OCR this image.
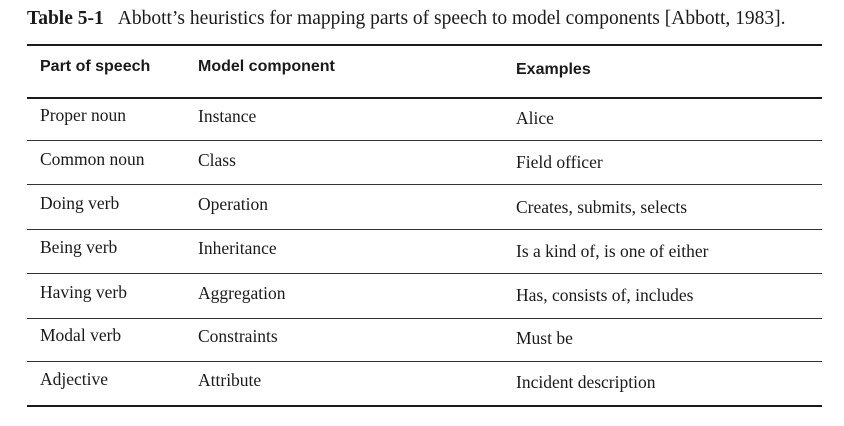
Table 5-1 Abbott’s heuristics for mapping parts of speech to model components [Abbott, 1983].
Part of speech	Model component	Examples
Proper noun	Instance	Alice
Common noun	Class	Field officer
Doing verb	Operation	Creates, submits, selects
Being verb	Inheritance	Is a kind of, is one of either
Having verb	Aggregation	Has, consists of, includes
Modal verb	Constraints	Must be
Adjective	Attribute	Incident description
